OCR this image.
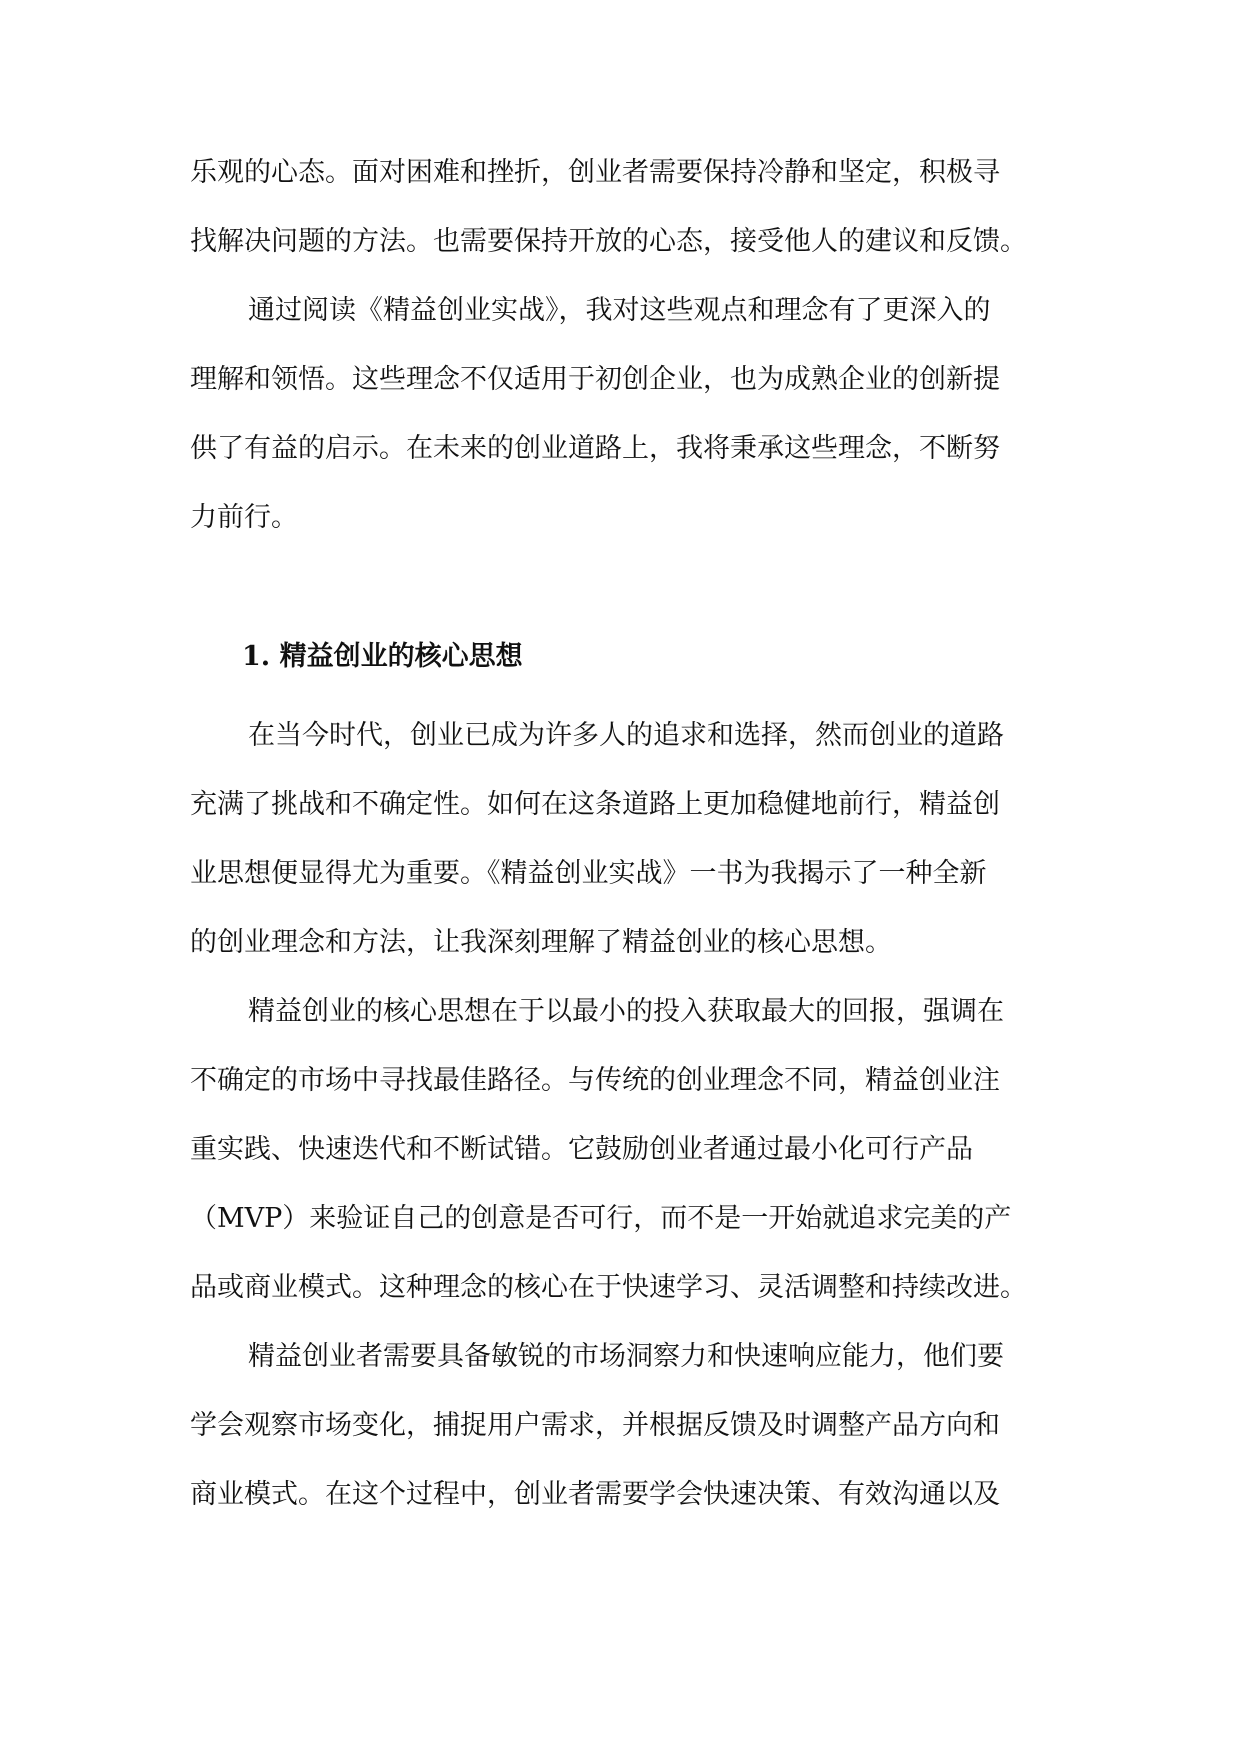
乐观的心态。面对困难和挫折，创业者需要保持冷静和坚定，积极寻
找解决问题的方法。也需要保持开放的心态，接受他人的建议和反馈。
通过阅读《精益创业实战》，我对这些观点和理念有了更深入的
理解和领悟。这些理念不仅适用于初创企业，也为成熟企业的创新提
供了有益的启示。在未来的创业道路上，我将秉承这些理念，不断努
力前行。
1. 精益创业的核心思想
在当今时代，创业已成为许多人的追求和选择，然而创业的道路
充满了挑战和不确定性。如何在这条道路上更加稳健地前行，精益创
业思想便显得尤为重要。《精益创业实战》一书为我揭示了一种全新
的创业理念和方法，让我深刻理解了精益创业的核心思想。
精益创业的核心思想在于以最小的投入获取最大的回报，强调在
不确定的市场中寻找最佳路径。与传统的创业理念不同，精益创业注
重实践、快速迭代和不断试错。它鼓励创业者通过最小化可行产品
（MVP）来验证自己的创意是否可行，而不是一开始就追求完美的产
品或商业模式。这种理念的核心在于快速学习、灵活调整和持续改进。
精益创业者需要具备敏锐的市场洞察力和快速响应能力，他们要
学会观察市场变化，捕捉用户需求，并根据反馈及时调整产品方向和
商业模式。在这个过程中，创业者需要学会快速决策、有效沟通以及
